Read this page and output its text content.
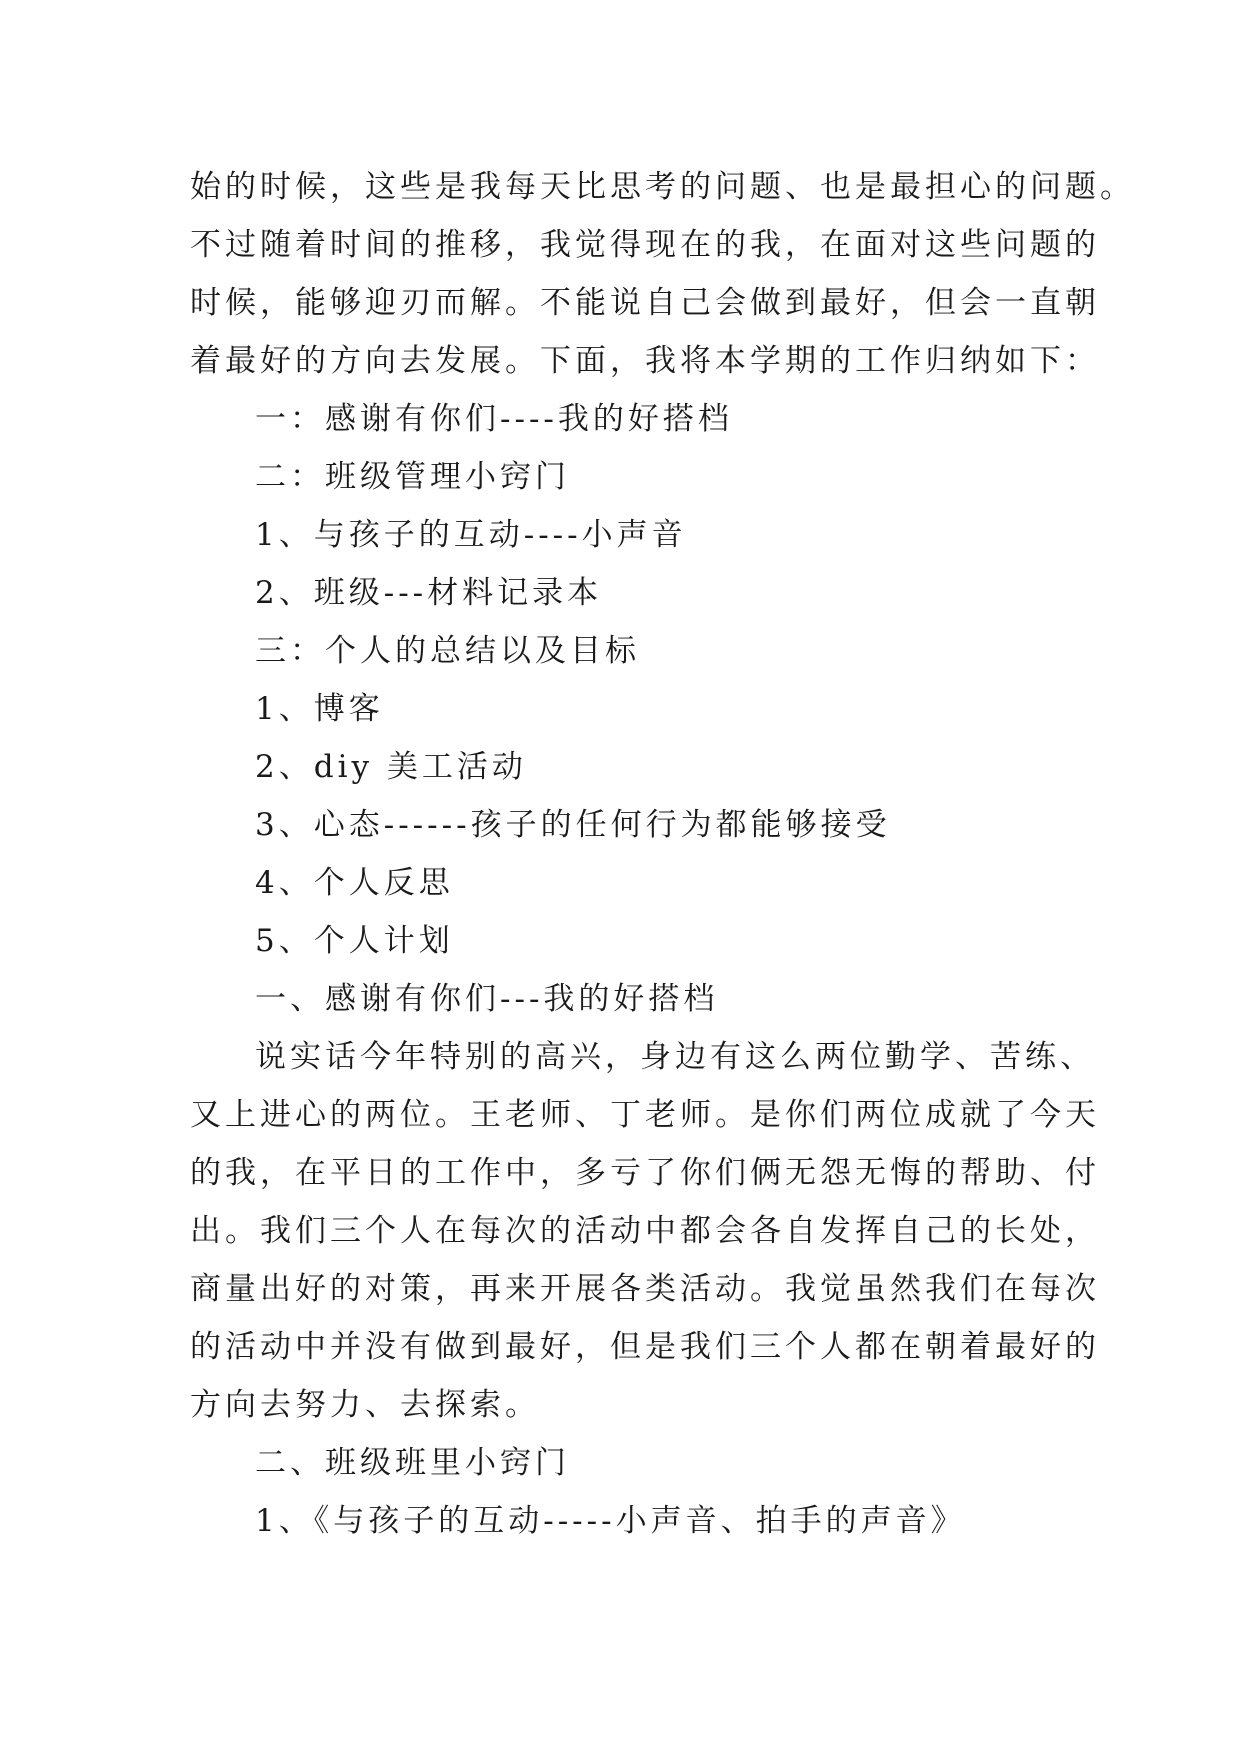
始的时候，这些是我每天比思考的问题、也是最担心的问题。
不过随着时间的推移，我觉得现在的我，在面对这些问题的
时候，能够迎刃而解。不能说自己会做到最好，但会一直朝
着最好的方向去发展。下面，我将本学期的工作归纳如下：
一：感谢有你们----我的好搭档
二：班级管理小窍门
1、与孩子的互动----小声音
2、班级---材料记录本
三：个人的总结以及目标
1、博客
2、diy 美工活动
3、心态------孩子的任何行为都能够接受
4、个人反思
5、个人计划
一、感谢有你们---我的好搭档
说实话今年特别的高兴，身边有这么两位勤学、苦练、
又上进心的两位。王老师、丁老师。是你们两位成就了今天
的我，在平日的工作中，多亏了你们俩无怨无悔的帮助、付
出。我们三个人在每次的活动中都会各自发挥自己的长处，
商量出好的对策，再来开展各类活动。我觉虽然我们在每次
的活动中并没有做到最好，但是我们三个人都在朝着最好的
方向去努力、去探索。
二、班级班里小窍门
1、《与孩子的互动-----小声音、拍手的声音》
